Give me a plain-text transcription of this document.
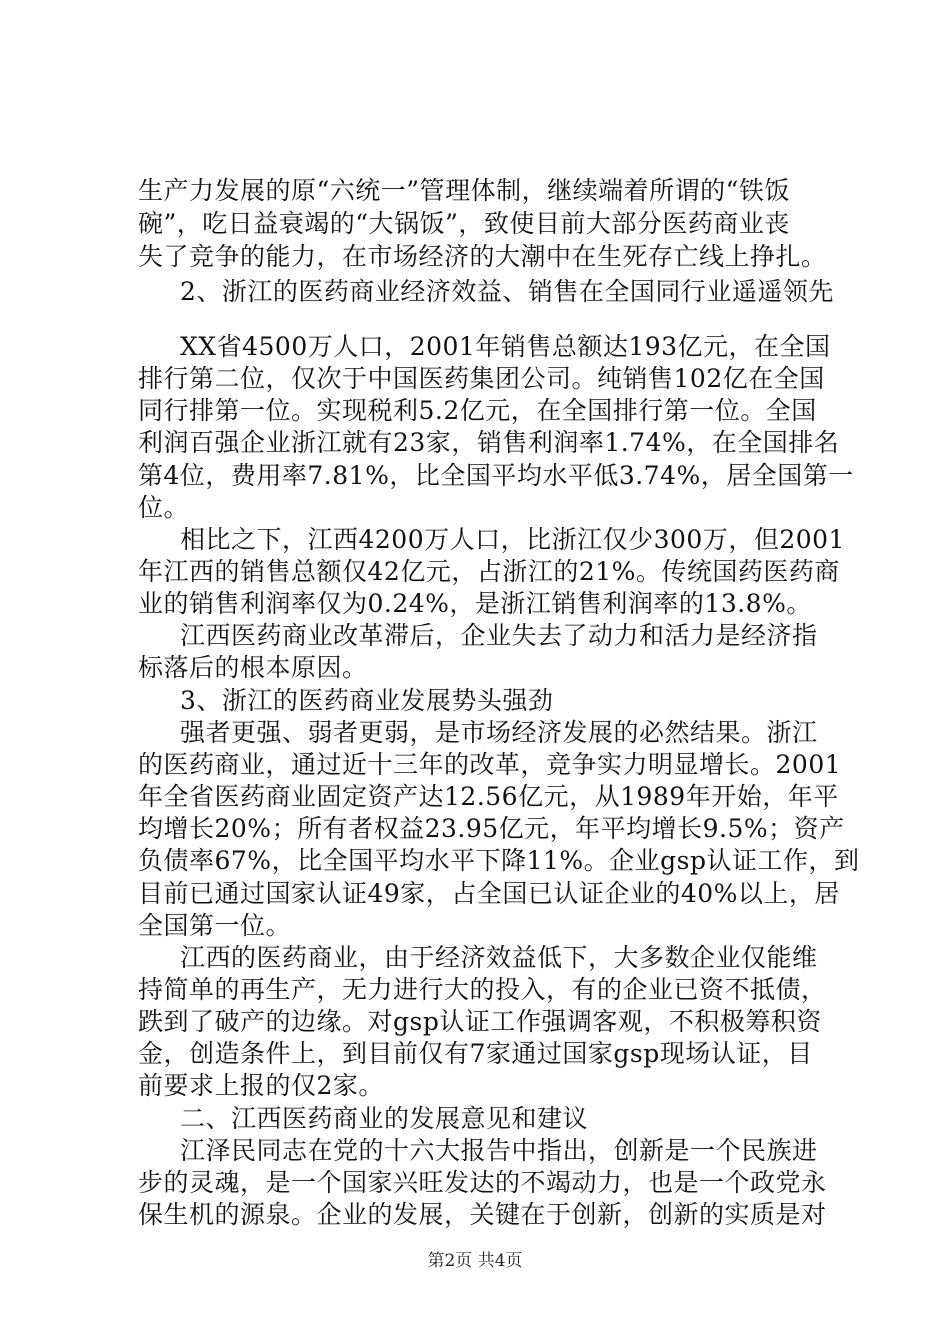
生产力发展的原“六统一”管理体制，继续端着所谓的“铁饭
碗”，吃日益衰竭的“大锅饭”，致使目前大部分医药商业丧
失了竞争的能力，在市场经济的大潮中在生死存亡线上挣扎。
2、浙江的医药商业经济效益、销售在全国同行业遥遥领先
XX省4500万人口，2001年销售总额达193亿元，在全国
排行第二位，仅次于中国医药集团公司。纯销售102亿在全国
同行排第一位。实现税利5.2亿元，在全国排行第一位。全国
利润百强企业浙江就有23家，销售利润率1.74%，在全国排名
第4位，费用率7.81%，比全国平均水平低3.74%，居全国第一
位。
相比之下，江西4200万人口，比浙江仅少300万，但2001
年江西的销售总额仅42亿元，占浙江的21%。传统国药医药商
业的销售利润率仅为0.24%，是浙江销售利润率的13.8%。
江西医药商业改革滞后，企业失去了动力和活力是经济指
标落后的根本原因。
3、浙江的医药商业发展势头强劲
强者更强、弱者更弱，是市场经济发展的必然结果。浙江
的医药商业，通过近十三年的改革，竞争实力明显增长。2001
年全省医药商业固定资产达12.56亿元，从1989年开始，年平
均增长20%；所有者权益23.95亿元，年平均增长9.5%；资产
负债率67%，比全国平均水平下降11%。企业gsp认证工作，到
目前已通过国家认证49家，占全国已认证企业的40%以上，居
全国第一位。
江西的医药商业，由于经济效益低下，大多数企业仅能维
持简单的再生产，无力进行大的投入，有的企业已资不抵债，
跌到了破产的边缘。对gsp认证工作强调客观，不积极筹积资
金，创造条件上，到目前仅有7家通过国家gsp现场认证，目
前要求上报的仅2家。
二、江西医药商业的发展意见和建议
江泽民同志在党的十六大报告中指出，创新是一个民族进
步的灵魂，是一个国家兴旺发达的不竭动力，也是一个政党永
保生机的源泉。企业的发展，关键在于创新，创新的实质是对
第2页 共4页
